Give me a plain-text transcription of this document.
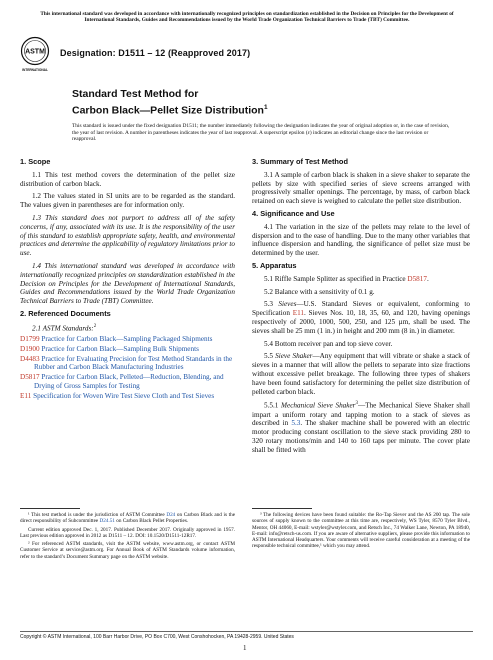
This international standard was developed in accordance with internationally recognized principles on standardization established in the Decision on Principles for the Development of International Standards, Guides and Recommendations issued by the World Trade Organization Technical Barriers to Trade (TBT) Committee.
ASTM
INTERNATIONAL
Designation: D1511 – 12 (Reapproved 2017)
Standard Test Method for
Carbon Black—Pellet Size Distribution$^1$
This standard is issued under the fixed designation D1511; the number immediately following the designation indicates the year of original adoption or, in the case of revision, the year of last revision. A number in parentheses indicates the year of last reapproval. A superscript epsilon (ε) indicates an editorial change since the last revision or reapproval.
1. Scope
1.1 This test method covers the determination of the pellet size distribution of carbon black.
1.2 The values stated in SI units are to be regarded as the standard. The values given in parentheses are for information only.
1.3 This standard does not purport to address all of the safety concerns, if any, associated with its use. It is the responsibility of the user of this standard to establish appropriate safety, health, and environmental practices and determine the applicability of regulatory limitations prior to use.
1.4 This international standard was developed in accordance with internationally recognized principles on standardization established in the Decision on Principles for the Development of International Standards, Guides and Recommendations issued by the World Trade Organization Technical Barriers to Trade (TBT) Committee.
2. Referenced Documents
2.1 ASTM Standards:$^2$
D1799 Practice for Carbon Black—Sampling Packaged Shipments
D1900 Practice for Carbon Black—Sampling Bulk Shipments
D4483 Practice for Evaluating Precision for Test Method Standards in the Rubber and Carbon Black Manufacturing Industries
D5817 Practice for Carbon Black, Pelleted—Reduction, Blending, and Drying of Gross Samples for Testing
E11 Specification for Woven Wire Test Sieve Cloth and Test Sieves
3. Summary of Test Method
3.1 A sample of carbon black is shaken in a sieve shaker to separate the pellets by size with specified series of sieve screens arranged with progressively smaller openings. The percentage, by mass, of carbon black retained on each sieve is weighed to calculate the pellet size distribution.
4. Significance and Use
4.1 The variation in the size of the pellets may relate to the level of dispersion and to the ease of handling. Due to the many other variables that influence dispersion and handling, the significance of pellet size must be determined by the user.
5. Apparatus
5.1 Riffle Sample Splitter as specified in Practice D5817.
5.2 Balance with a sensitivity of 0.1 g.
5.3 Sieves—U.S. Standard Sieves or equivalent, conforming to Specification E11. Sieves Nos. 10, 18, 35, 60, and 120, having openings respectively of 2000, 1000, 500, 250, and 125 µm, shall be used. The sieves shall be 25 mm (1 in.) in height and 200 mm (8 in.) in diameter.
5.4 Bottom receiver pan and top sieve cover.
5.5 Sieve Shaker—Any equipment that will vibrate or shake a stack of sieves in a manner that will allow the pellets to separate into size fractions without excessive pellet breakage. The following three types of shakers have been found satisfactory for determining the pellet size distribution of pelleted carbon black.
5.5.1 Mechanical Sieve Shaker$^3$—The Mechanical Sieve Shaker shall impart a uniform rotary and tapping motion to a stack of sieves as described in 5.3. The shaker machine shall be powered with an electric motor producing constant oscillation to the sieve stack providing 280 to 320 rotary motions/min and 140 to 160 taps per minute. The cover plate shall be fitted with
¹ This test method is under the jurisdiction of ASTM Committee D24 on Carbon Black and is the direct responsibility of Subcommittee D24.51 on Carbon Black Pellet Properties.
Current edition approved Dec. 1, 2017. Published December 2017. Originally approved in 1957. Last previous edition approved in 2012 as D1511 – 12. DOI: 10.1520/D1511-12R17.
² For referenced ASTM standards, visit the ASTM website, www.astm.org, or contact ASTM Customer Service at service@astm.org. For Annual Book of ASTM Standards volume information, refer to the standard’s Document Summary page on the ASTM website.
³ The following devices have been found suitable: the Ro-Tap Siever and the AS 200 tap. The sole sources of supply known to the committee at this time are, respectively, WS Tyler, 8570 Tyler Blvd., Mentor, OH 44060, E-mail: wstyler@wstyler.com, and Retsch Inc., 74 Walker Lane, Newton, PA 18940, E-mail: info@retsch-us.com. If you are aware of alternative suppliers, please provide this information to ASTM International Headquarters. Your comments will receive careful consideration at a meeting of the responsible technical committee,¹ which you may attend.
Copyright © ASTM International, 100 Barr Harbor Drive, PO Box C700, West Conshohocken, PA 19428-2959. United States
1
